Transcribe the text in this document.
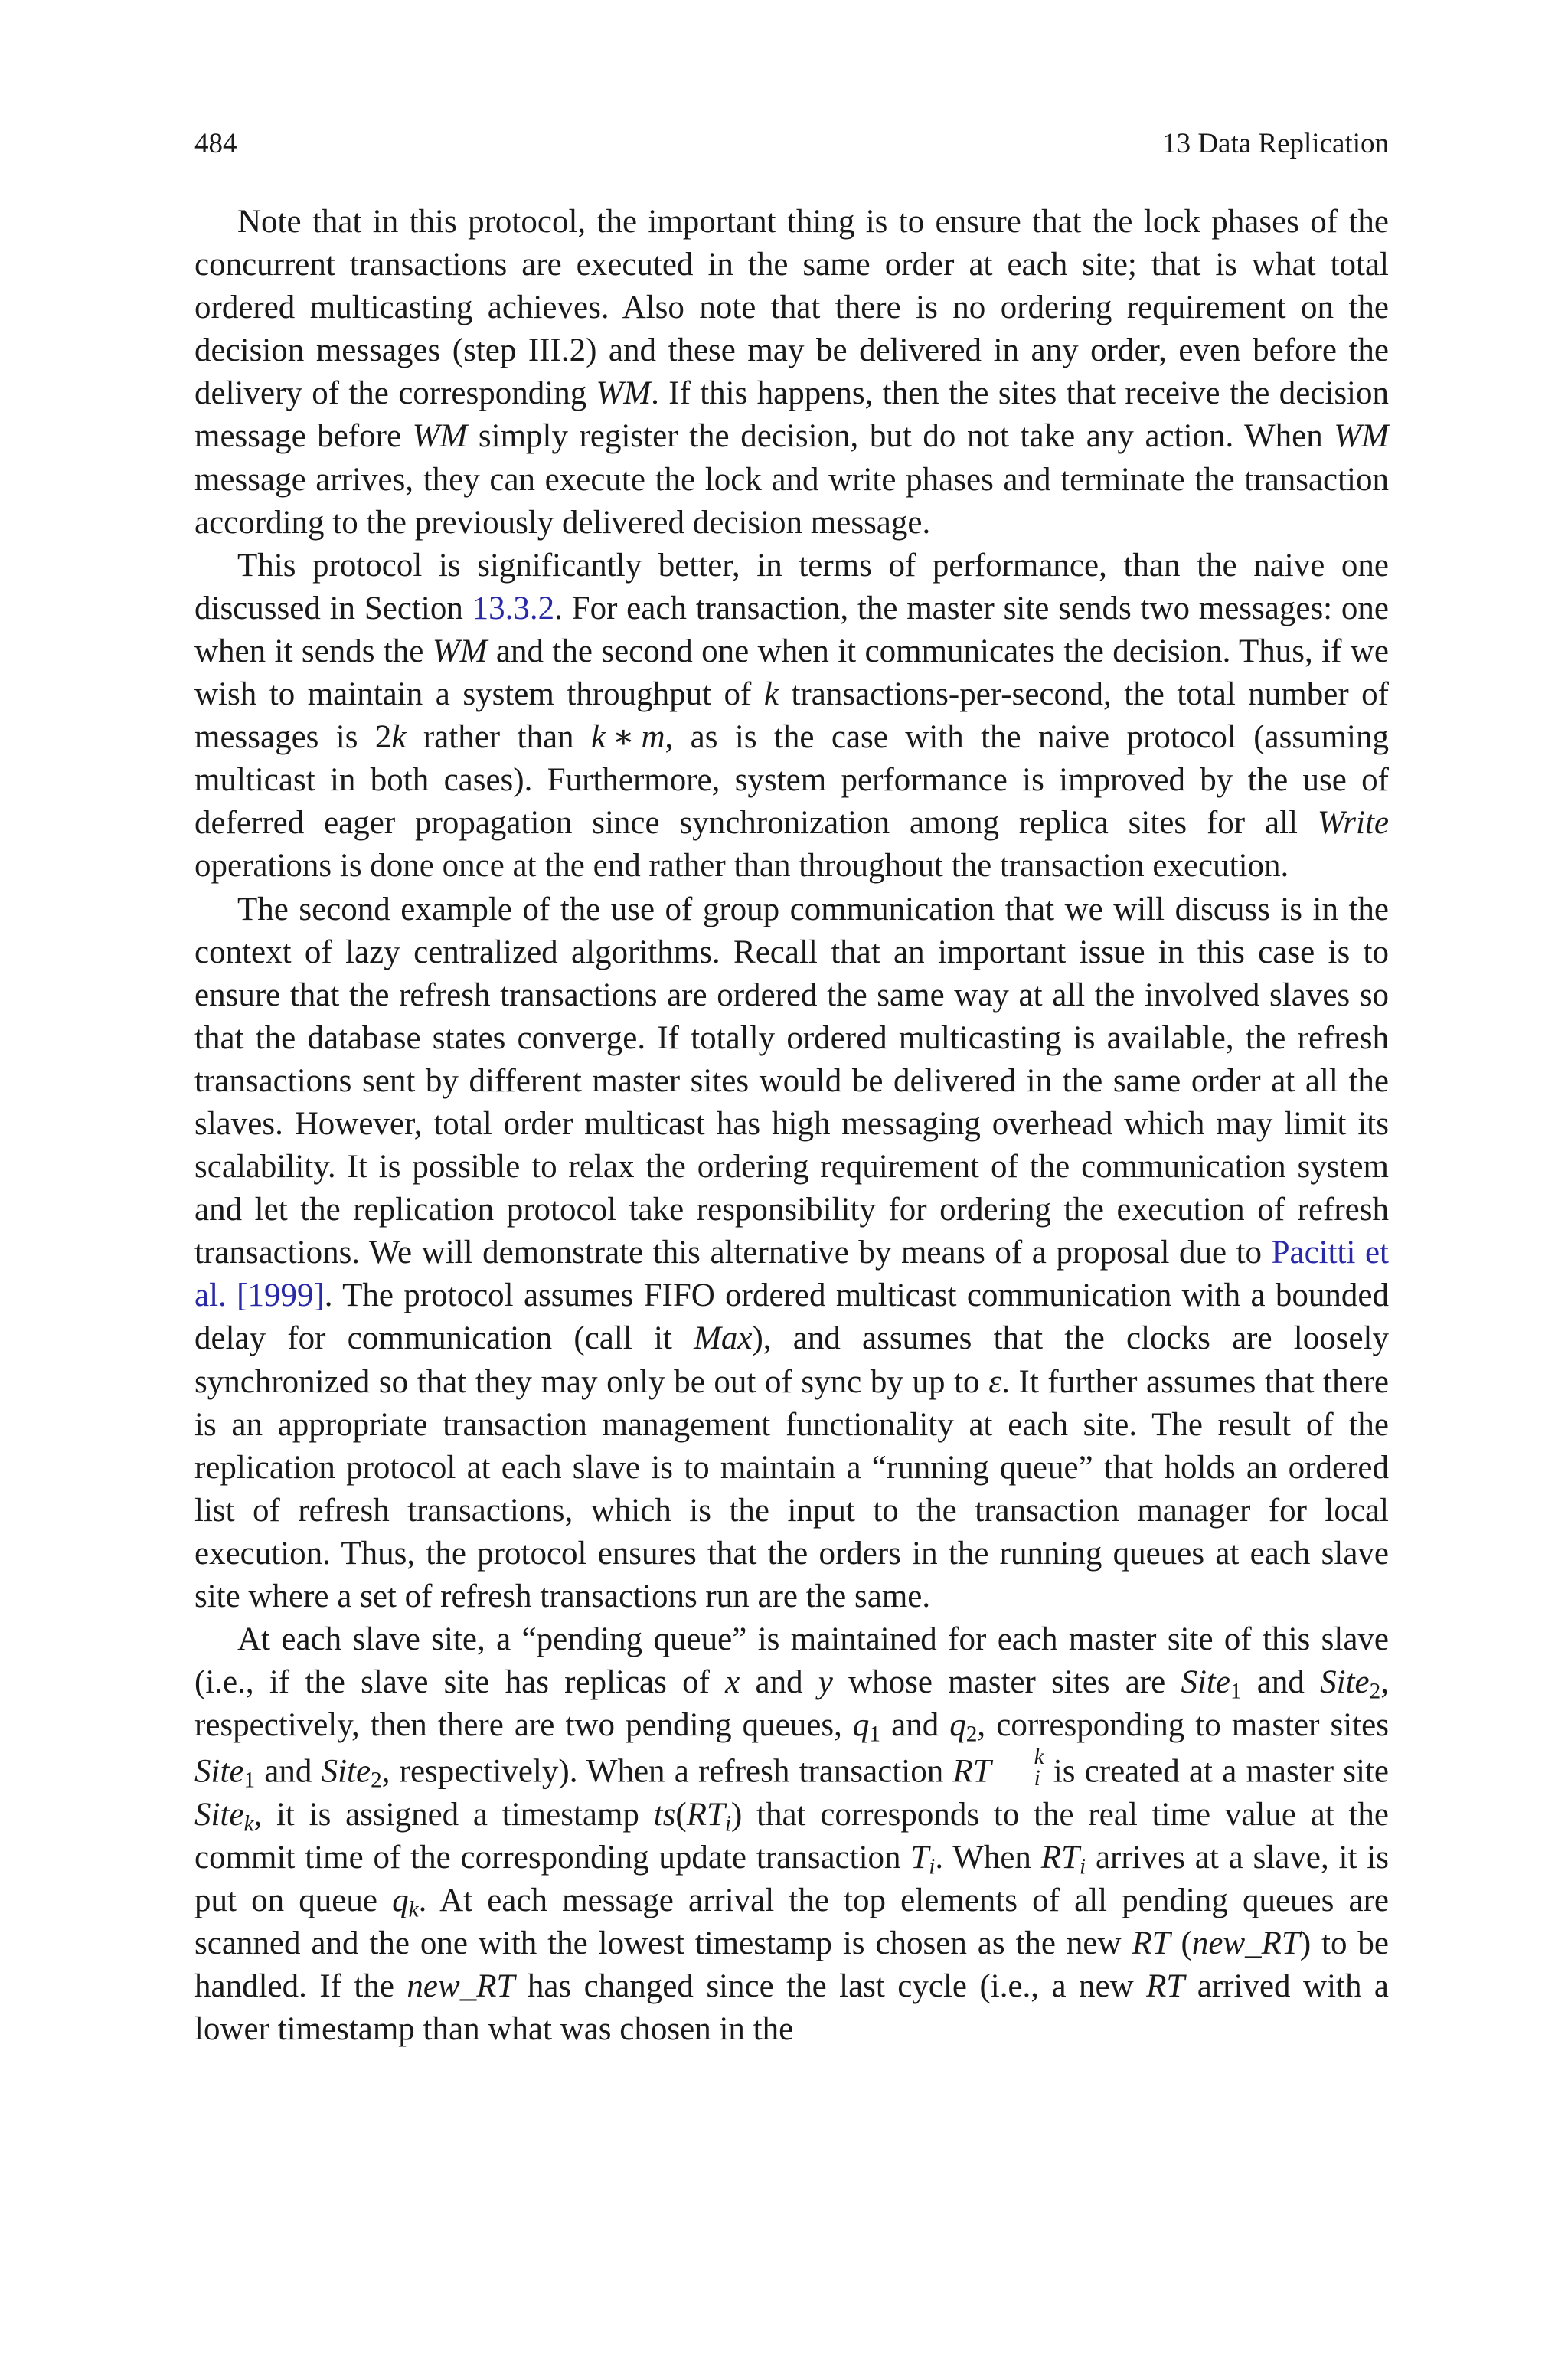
484	13 Data Replication

Note that in this protocol, the important thing is to ensure that the lock phases of the concurrent transactions are executed in the same order at each site; that is what total ordered multicasting achieves. Also note that there is no ordering requirement on the decision messages (step III.2) and these may be delivered in any order, even before the delivery of the corresponding WM. If this happens, then the sites that receive the decision message before WM simply register the decision, but do not take any action. When WM message arrives, they can execute the lock and write phases and terminate the transaction according to the previously delivered decision message.

This protocol is significantly better, in terms of performance, than the naive one discussed in Section 13.3.2. For each transaction, the master site sends two messages: one when it sends the WM and the second one when it communicates the decision. Thus, if we wish to maintain a system throughput of k transactions-per-second, the total number of messages is 2k rather than k ∗ m, as is the case with the naive protocol (assuming multicast in both cases). Furthermore, system performance is improved by the use of deferred eager propagation since synchronization among replica sites for all Write operations is done once at the end rather than throughout the transaction execution.

The second example of the use of group communication that we will discuss is in the context of lazy centralized algorithms. Recall that an important issue in this case is to ensure that the refresh transactions are ordered the same way at all the involved slaves so that the database states converge. If totally ordered multicasting is available, the refresh transactions sent by different master sites would be delivered in the same order at all the slaves. However, total order multicast has high messaging overhead which may limit its scalability. It is possible to relax the ordering requirement of the communication system and let the replication protocol take responsibility for ordering the execution of refresh transactions. We will demonstrate this alternative by means of a proposal due to Pacitti et al. [1999]. The protocol assumes FIFO ordered multicast communication with a bounded delay for communication (call it Max), and assumes that the clocks are loosely synchronized so that they may only be out of sync by up to ε. It further assumes that there is an appropriate transaction management functionality at each site. The result of the replication protocol at each slave is to maintain a “running queue” that holds an ordered list of refresh transactions, which is the input to the transaction manager for local execution. Thus, the protocol ensures that the orders in the running queues at each slave site where a set of refresh transactions run are the same.

At each slave site, a “pending queue” is maintained for each master site of this slave (i.e., if the slave site has replicas of x and y whose master sites are Site$_1$ and Site$_2$, respectively, then there are two pending queues, $q_1$ and $q_2$, corresponding to master sites Site$_1$ and Site$_2$, respectively). When a refresh transaction RT	k
i is created at a master site Site$_k$, it is assigned a timestamp $ts(RT_i)$ that corresponds to the real time value at the commit time of the corresponding update transaction $T_i$. When $RT_i$ arrives at a slave, it is put on queue $q_k$. At each message arrival the top elements of all pending queues are scanned and the one with the lowest timestamp is chosen as the new RT (new_RT) to be handled. If the new_RT has changed since the last cycle (i.e., a new RT arrived with a lower timestamp than what was chosen in the
